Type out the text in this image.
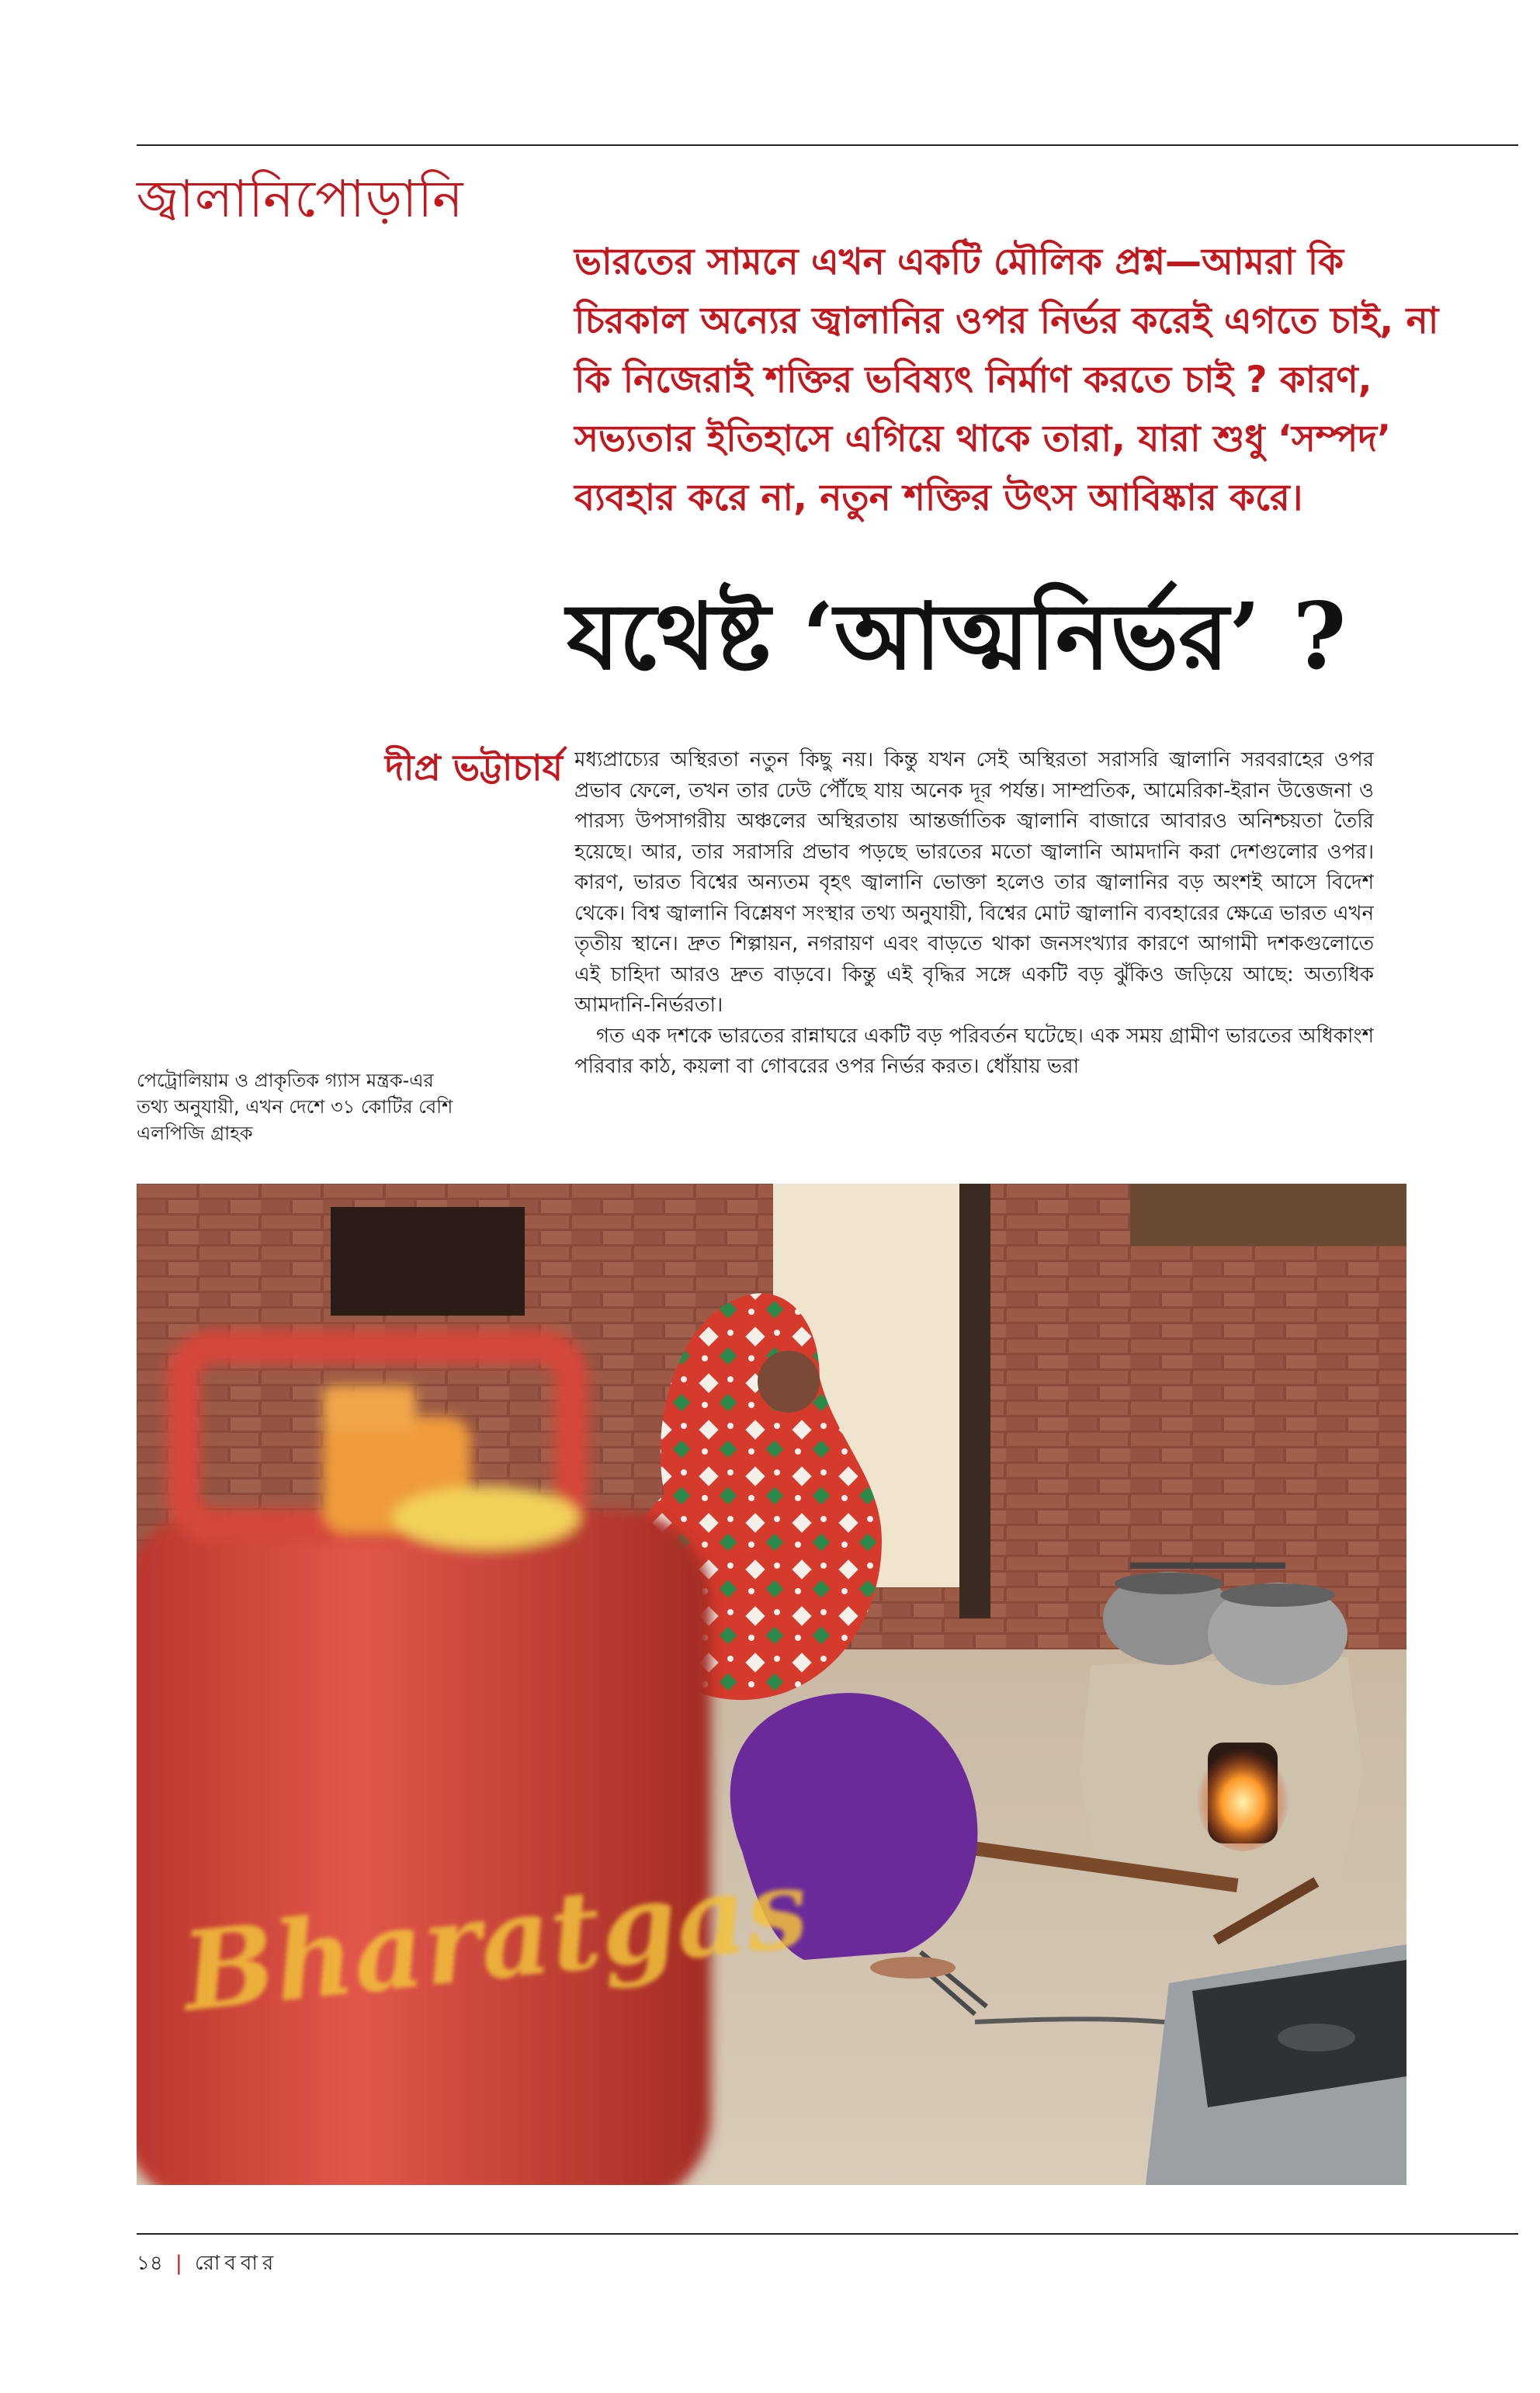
জ্বালানিপোড়ানি
ভারতের সামনে এখন একটি মৌলিক প্রশ্ন—আমরা কি চিরকাল অন্যের জ্বালানির ওপর নির্ভর করেই এগতে চাই, না কি নিজেরাই শক্তির ভবিষ্যৎ নির্মাণ করতে চাই ? কারণ, সভ্যতার ইতিহাসে এগিয়ে থাকে তারা, যারা শুধু ‘সম্পদ’ ব্যবহার করে না, নতুন শক্তির উৎস আবিষ্কার করে।
যথেষ্ট ‘আত্মনির্ভর’ ?
দীপ্র ভট্টাচার্য মধ্যপ্রাচ্যের অস্থিরতা নতুন কিছু নয়। কিন্তু যখন সেই অস্থিরতা সরাসরি জ্বালানি সরবরাহের ওপর প্রভাব ফেলে, তখন তার ঢেউ পৌঁছে যায় অনেক দূর পর্যন্ত। সাম্প্রতিক, আমেরিকা-ইরান উত্তেজনা ও পারস্য উপসাগরীয় অঞ্চলের অস্থিরতায় আন্তর্জাতিক জ্বালানি বাজারে আবারও অনিশ্চয়তা তৈরি হয়েছে। আর, তার সরাসরি প্রভাব পড়ছে ভারতের মতো জ্বালানি আমদানি করা দেশগুলোর ওপর। কারণ, ভারত বিশ্বের অন্যতম বৃহৎ জ্বালানি ভোক্তা হলেও তার জ্বালানির বড় অংশই আসে বিদেশ থেকে। বিশ্ব জ্বালানি বিশ্লেষণ সংস্থার তথ্য অনুযায়ী, বিশ্বের মোট জ্বালানি ব্যবহারের ক্ষেত্রে ভারত এখন তৃতীয় স্থানে। দ্রুত শিল্পায়ন, নগরায়ণ এবং বাড়তে থাকা জনসংখ্যার কারণে আগামী দশকগুলোতে এই চাহিদা আরও দ্রুত বাড়বে। কিন্তু এই বৃদ্ধির সঙ্গে একটি বড় ঝুঁকিও জড়িয়ে আছে: অত্যধিক আমদানি-নির্ভরতা।

গত এক দশকে ভারতের রান্নাঘরে একটি বড় পরিবর্তন ঘটেছে। এক সময় গ্রামীণ ভারতের অধিকাংশ পরিবার কাঠ, কয়লা বা গোবরের ওপর নির্ভর করত। ধোঁয়ায় ভরা

পেট্রোলিয়াম ও প্রাকৃতিক গ্যাস মন্ত্রক-এর তথ্য অনুযায়ী, এখন দেশে ৩১ কোটির বেশি এলপিজি গ্রাহক
Bharatgas
১৪ | রোববার
